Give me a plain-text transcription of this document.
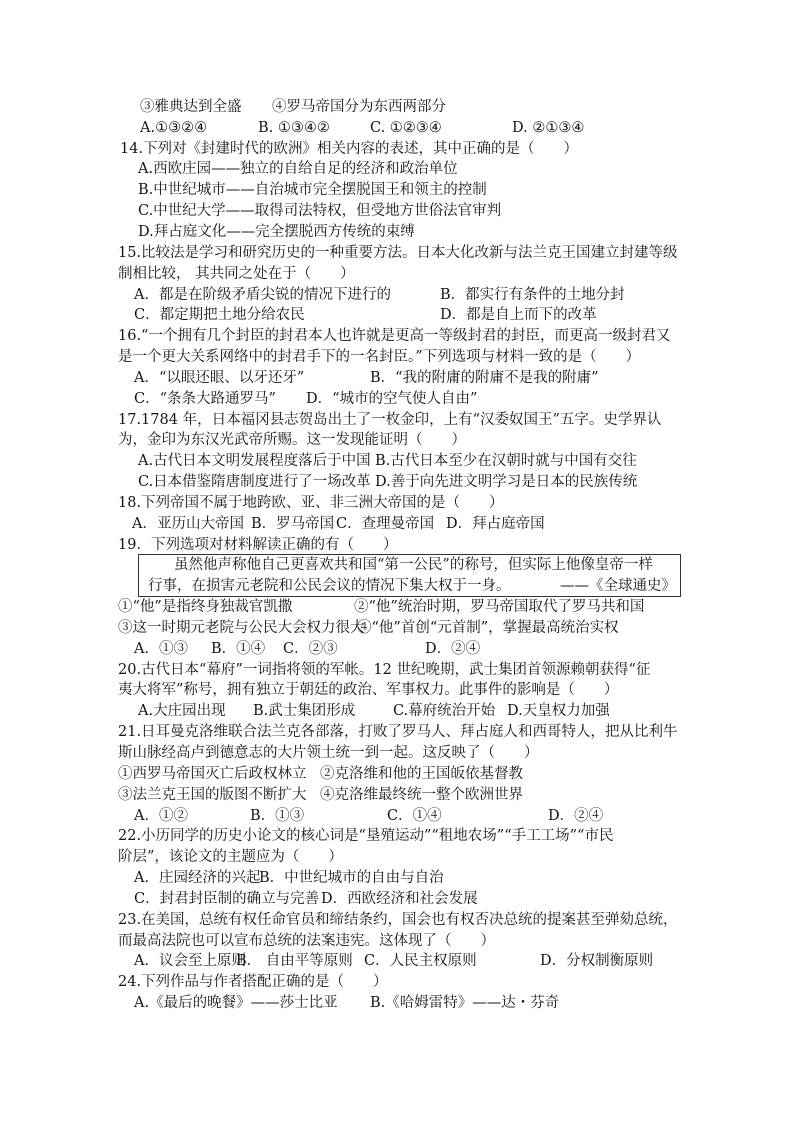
③雅典达到全盛 ④罗马帝国分为东西两部分
A.①③②④	B. ①③④②	C. ①②③④	D. ②①③④
14.下列对《封建时代的欧洲》相关内容的表述，其中正确的是（　　）
A.西欧庄园——独立的自给自足的经济和政治单位
B.中世纪城市——自治城市完全摆脱国王和领主的控制
C.中世纪大学——取得司法特权，但受地方世俗法官审判
D.拜占庭文化——完全摆脱西方传统的束缚
15.比较法是学习和研究历史的一种重要方法。日本大化改新与法兰克王国建立封建等级
制相比较， 其共同之处在于（　　）
A．都是在阶级矛盾尖锐的情况下进行的	B．都实行有条件的土地分封
C．都定期把土地分给农民	D．都是自上而下的改革
16.“一个拥有几个封臣的封君本人也许就是更高一等级封君的封臣，而更高一级封君又
是一个更大关系网络中的封君手下的一名封臣。”下列选项与材料一致的是（　　）
A．“以眼还眼、以牙还牙”	B．“我的附庸的附庸不是我的附庸”
C．“条条大路通罗马” D．“城市的空气使人自由”
17.1784 年，日本福冈县志贺岛出土了一枚金印，上有“汉委奴国王”五字。史学界认
为，金印为东汉光武帝所赐。这一发现能证明（　　）
A.古代日本文明发展程度落后于中国 B.古代日本至少在汉朝时就与中国有交往
C.日本借鉴隋唐制度进行了一场改革 D.善于向先进文明学习是日本的民族传统
18.下列帝国不属于地跨欧、亚、非三洲大帝国的是（　　）
A．亚历山大帝国 B．罗马帝国 C．查理曼帝国 D．拜占庭帝国
19．下列选项对材料解读正确的有（　　）
虽然他声称他自己更喜欢共和国“第一公民”的称号，但实际上他像皇帝一样
行事，在损害元老院和公民会议的情况下集大权于一身。	——《全球通史》
①“他”是指终身独裁官凯撒	②“他”统治时期，罗马帝国取代了罗马共和国
③这一时期元老院与公民大会权力很大
④“他”首创“元首制”，掌握最高统治实权
A．①③ B．①④ C．②③	D．②④
20.古代日本“幕府”一词指将领的军帐。12 世纪晚期，武士集团首领源赖朝获得“征
夷大将军”称号，拥有独立于朝廷的政治、军事权力。此事件的影响是（　　）
A.大庄园出现 B.武士集团形成	C.幕府统治开始 D.天皇权力加强
21.日耳曼克洛维联合法兰克各部落，打败了罗马人、拜占庭人和西哥特人，把从比利牛
斯山脉经高卢到德意志的大片领土统一到一起。这反映了（　　）
①西罗马帝国灭亡后政权林立 ②克洛维和他的王国皈依基督教
③法兰克王国的版图不断扩大 ④克洛维最终统一整个欧洲世界
A．①②	B．①③	C．①④	D．②④
22.小历同学的历史小论文的核心词是“垦殖运动”“租地农场”“手工工场”“市民
阶层”，该论文的主题应为（　　）
A．庄园经济的兴起
B．中世纪城市的自由与自治
C．封君封臣制的确立与完善 D．西欧经济和社会发展
23.在美国，总统有权任命官员和缔结条约，国会也有权否决总统的提案甚至弹劾总统，
而最高法院也可以宣布总统的法案违宪。这体现了（　　）
A．议会至上原则
B． 自由平等原则 C．人民主权原则	D．分权制衡原则
24.下列作品与作者搭配正确的是（　　）
A.《最后的晚餐》——莎士比亚 B.《哈姆雷特》——达・芬奇
